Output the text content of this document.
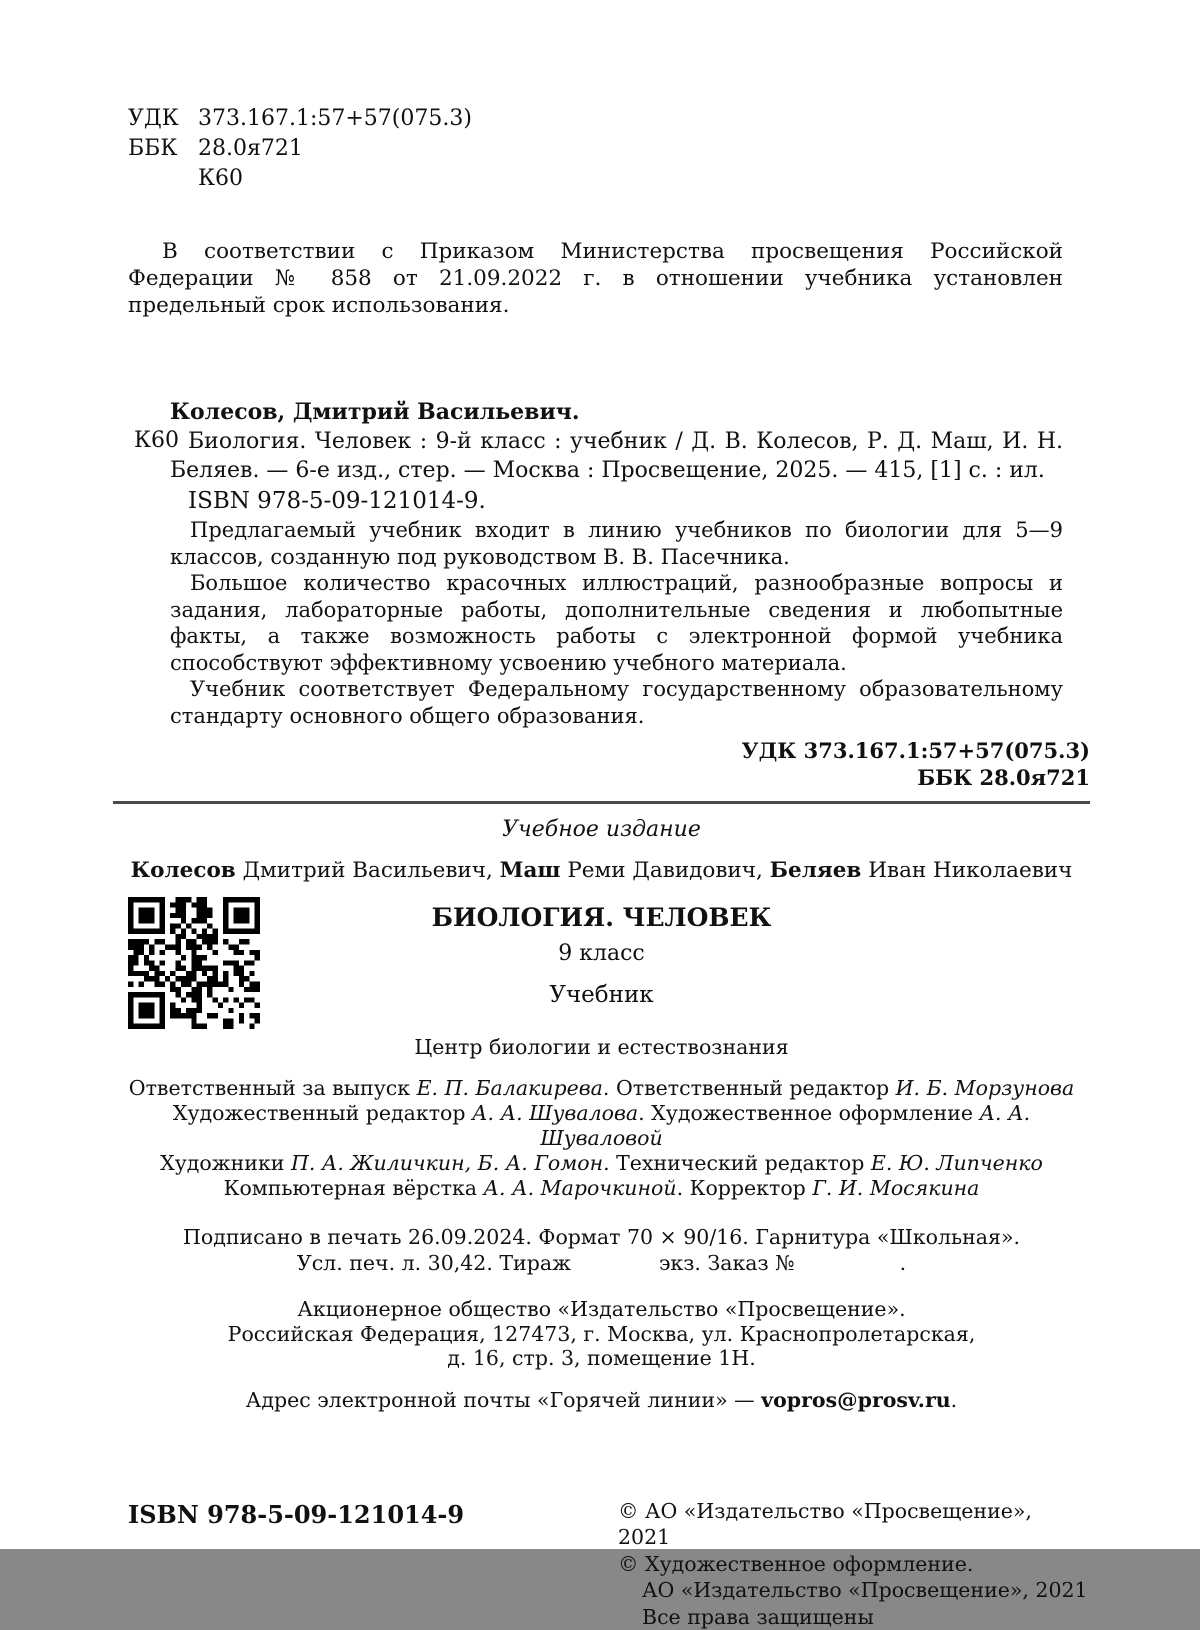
УДК 373.167.1:57+57(075.3)
ББК 28.0я721
К60

В соответствии с Приказом Министерства просвещения Российской Федерации № 858 от 21.09.2022 г. в отношении учебника установлен предельный срок использования.

К60
Колесов, Дмитрий Васильевич.

Биология. Человек : 9-й класс : учебник / Д. В. Колесов, Р. Д. Маш, И. Н. Беляев. — 6-е изд., стер. — Москва : Просвещение, 2025. — 415, [1] с. : ил.

ISBN 978-5-09-121014-9.

Предлагаемый учебник входит в линию учебников по биологии для 5—9 классов, созданную под руководством В. В. Пасечника.

Большое количество красочных иллюстраций, разнообразные вопросы и задания, лабораторные работы, дополнительные сведения и любопытные факты, а также возможность работы с электронной формой учебника способствуют эффективному усвоению учебного материала.

Учебник соответствует Федеральному государственному образовательному стандарту основного общего образования.

УДК 373.167.1:57+57(075.3)
ББК 28.0я721
Учебное издание
Колесов Дмитрий Васильевич, Маш Реми Давидович, Беляев Иван Николаевич
БИОЛОГИЯ. ЧЕЛОВЕК
9 класс
Учебник
Центр биологии и естествознания
Ответственный за выпуск Е. П. Балакирева. Ответственный редактор И. Б. Морзунова
Художественный редактор А. А. Шувалова. Художественное оформление А. А. Шуваловой
Художники П. А. Жиличкин, Б. А. Гомон. Технический редактор Е. Ю. Липченко
Компьютерная вёрстка А. А. Марочкиной. Корректор Г. И. Мосякина
Подписано в печать 26.09.2024. Формат 70 × 90/16. Гарнитура «Школьная».
Усл. печ. л. 30,42. Тираж	экз. Заказ №	.
Акционерное общество «Издательство «Просвещение».
Российская Федерация, 127473, г. Москва, ул. Краснопролетарская,
д. 16, стр. 3, помещение 1Н.
Адрес электронной почты «Горячей линии» — vopros@prosv.ru.
ISBN 978-5-09-121014-9	© АО «Издательство «Просвещение», 2021
© Художественное оформление.
АО «Издательство «Просвещение», 2021
Все права защищены
